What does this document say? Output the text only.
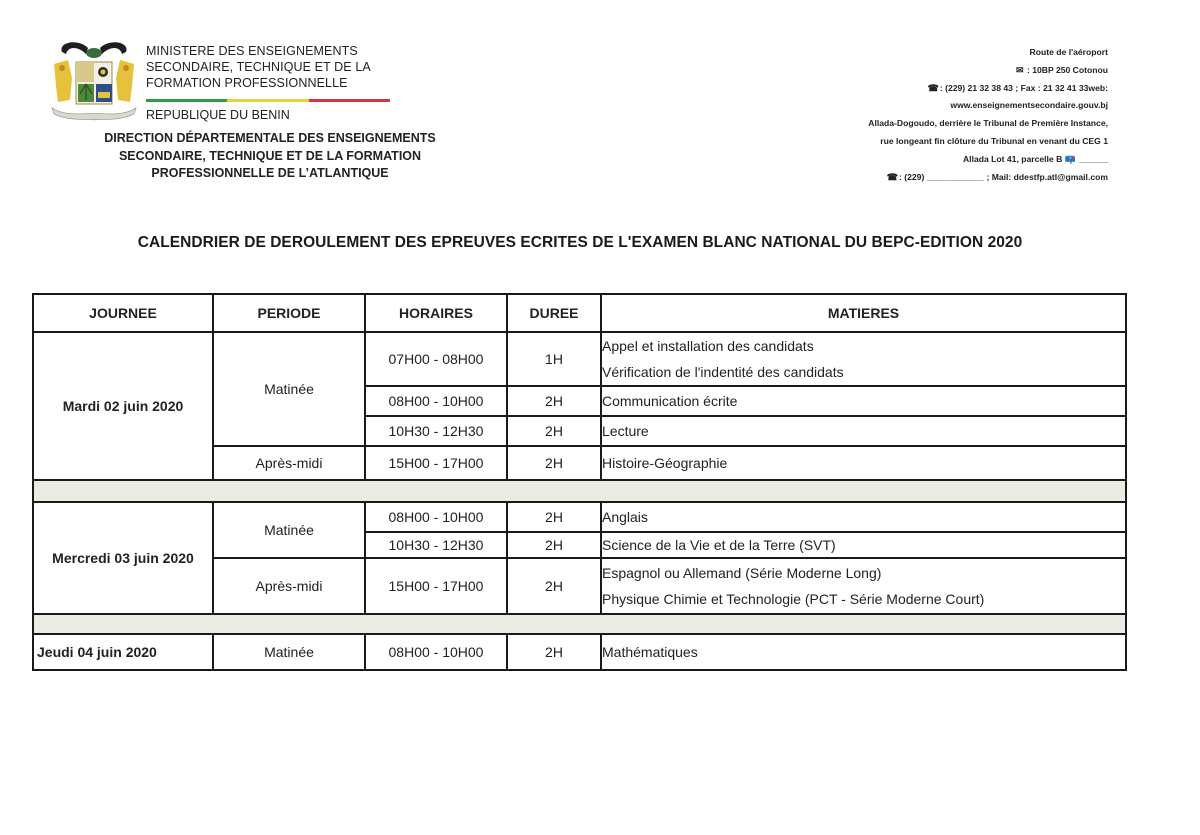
MINISTERE DES ENSEIGNEMENTS
SECONDAIRE, TECHNIQUE ET DE LA
FORMATION PROFESSIONNELLE
REPUBLIQUE DU BENIN
DIRECTION DÉPARTEMENTALE DES ENSEIGNEMENTS
SECONDAIRE, TECHNIQUE ET DE LA FORMATION
PROFESSIONNELLE DE L’ATLANTIQUE
Route de l'aéroport
✉ : 10BP 250 Cotonou
☎: (229) 21 32 38 43 ; Fax : 21 32 41 33web:
www.enseignementsecondaire.gouv.bj
Allada-Dogoudo, derrière le Tribunal de Première Instance,
rue longeant fin clôture du Tribunal en venant du CEG 1
Allada Lot 41, parcelle B 📪 ______
☎: (229) ____________ ; Mail: ddestfp.atl@gmail.com
CALENDRIER DE DEROULEMENT DES EPREUVES ECRITES DE L'EXAMEN BLANC NATIONAL DU BEPC-EDITION 2020
JOURNEE	PERIODE	HORAIRES	DUREE	MATIERES
Mardi 02 juin 2020	Matinée	07H00 - 08H00	1H	Appel et installation des candidats
Vérification de l'indentité des candidats

		08H00 - 10H00	2H	Communication écrite
		10H30 - 12H30	2H	Lecture
	Après-midi	15H00 - 17H00	2H	Histoire-Géographie

Mercredi 03 juin 2020	Matinée	08H00 - 10H00	2H	Anglais
		10H30 - 12H30	2H	Science de la Vie et de la Terre (SVT)
	Après-midi	15H00 - 17H00	2H	Espagnol ou Allemand (Série Moderne Long)
Physique Chimie et Technologie (PCT - Série Moderne Court)

Jeudi 04 juin 2020	Matinée	08H00 - 10H00	2H	Mathématiques
